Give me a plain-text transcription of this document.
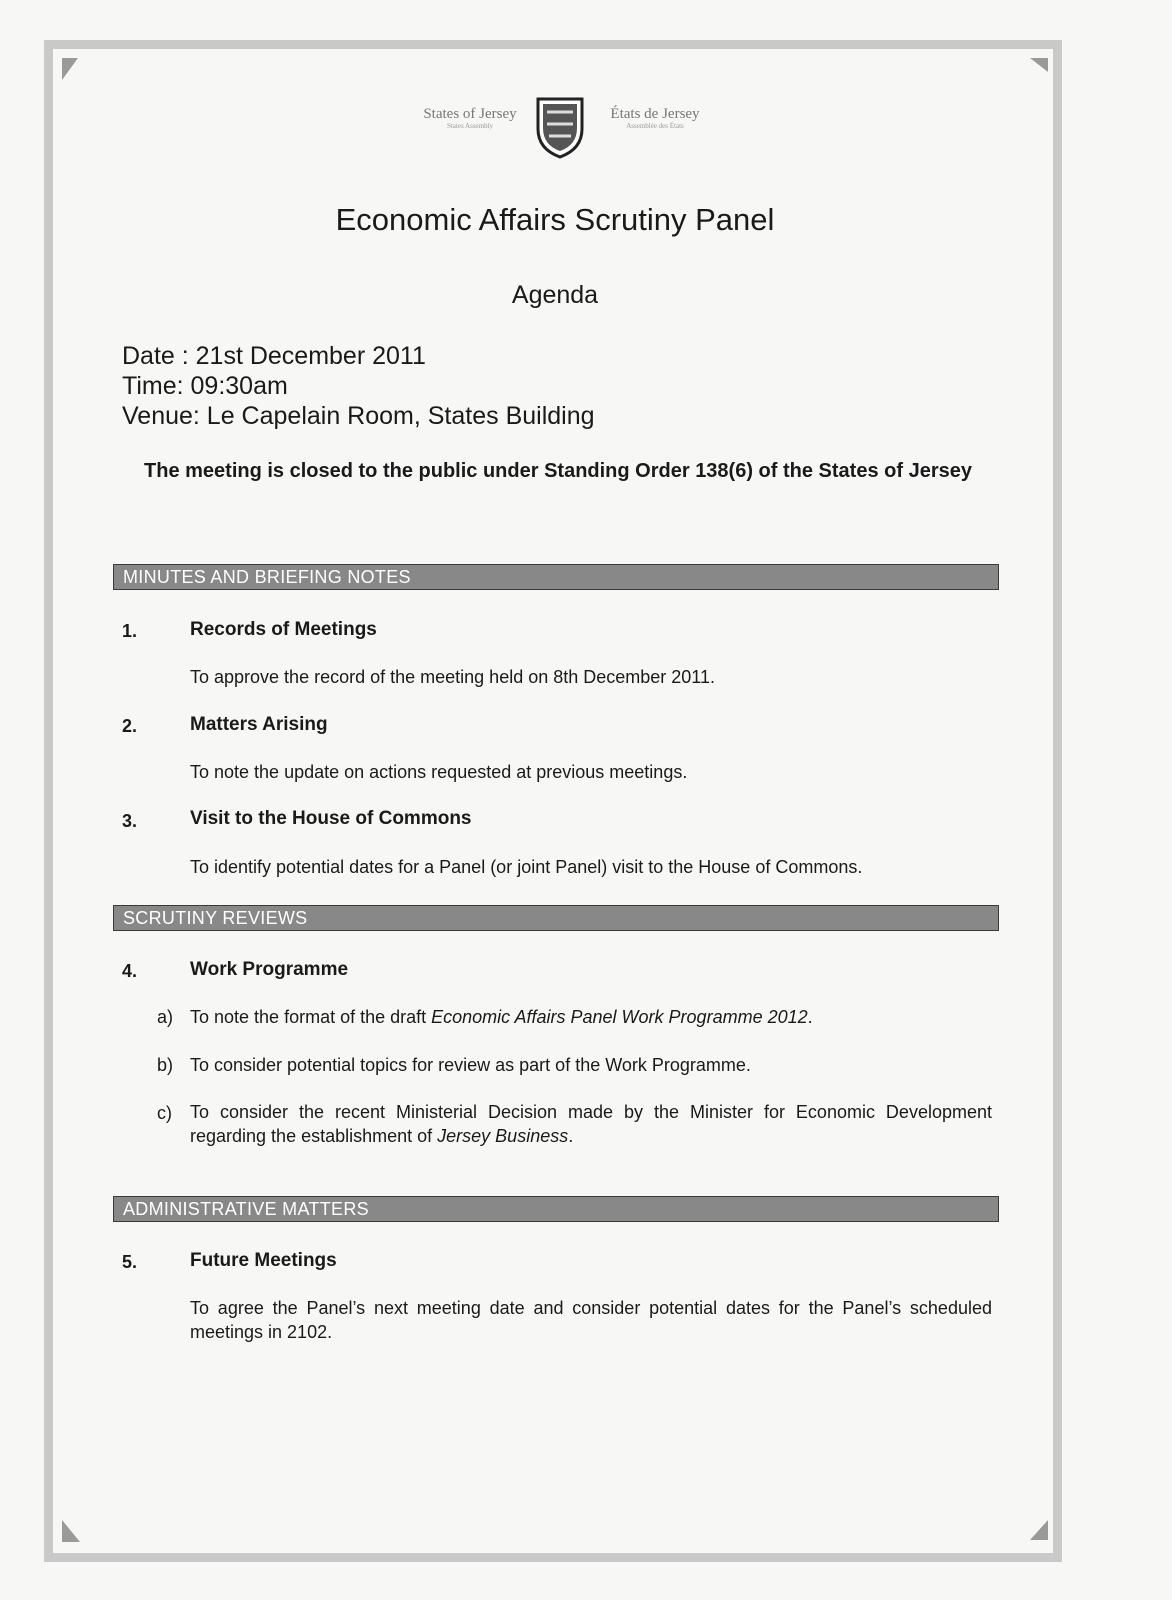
States of Jersey
States Assembly
États de Jersey
Assemblée des États
Economic Affairs Scrutiny Panel
Agenda
Date : 21st December 2011
Time: 09:30am
Venue: Le Capelain Room, States Building
The meeting is closed to the public under Standing Order 138(6) of the States of Jersey
MINUTES AND BRIEFING NOTES
1.	Records of Meetings
To approve the record of the meeting held on 8th December 2011.
2.	Matters Arising
To note the update on actions requested at previous meetings.
3.	Visit to the House of Commons
To identify potential dates for a Panel (or joint Panel) visit to the House of Commons.
SCRUTINY REVIEWS
4.	Work Programme
a) To note the format of the draft Economic Affairs Panel Work Programme 2012.
b) To consider potential topics for review as part of the Work Programme.
c) To consider the recent Ministerial Decision made by the Minister for Economic Development regarding the establishment of Jersey Business.
ADMINISTRATIVE MATTERS
5.	Future Meetings
To agree the Panel’s next meeting date and consider potential dates for the Panel’s scheduled meetings in 2102.
